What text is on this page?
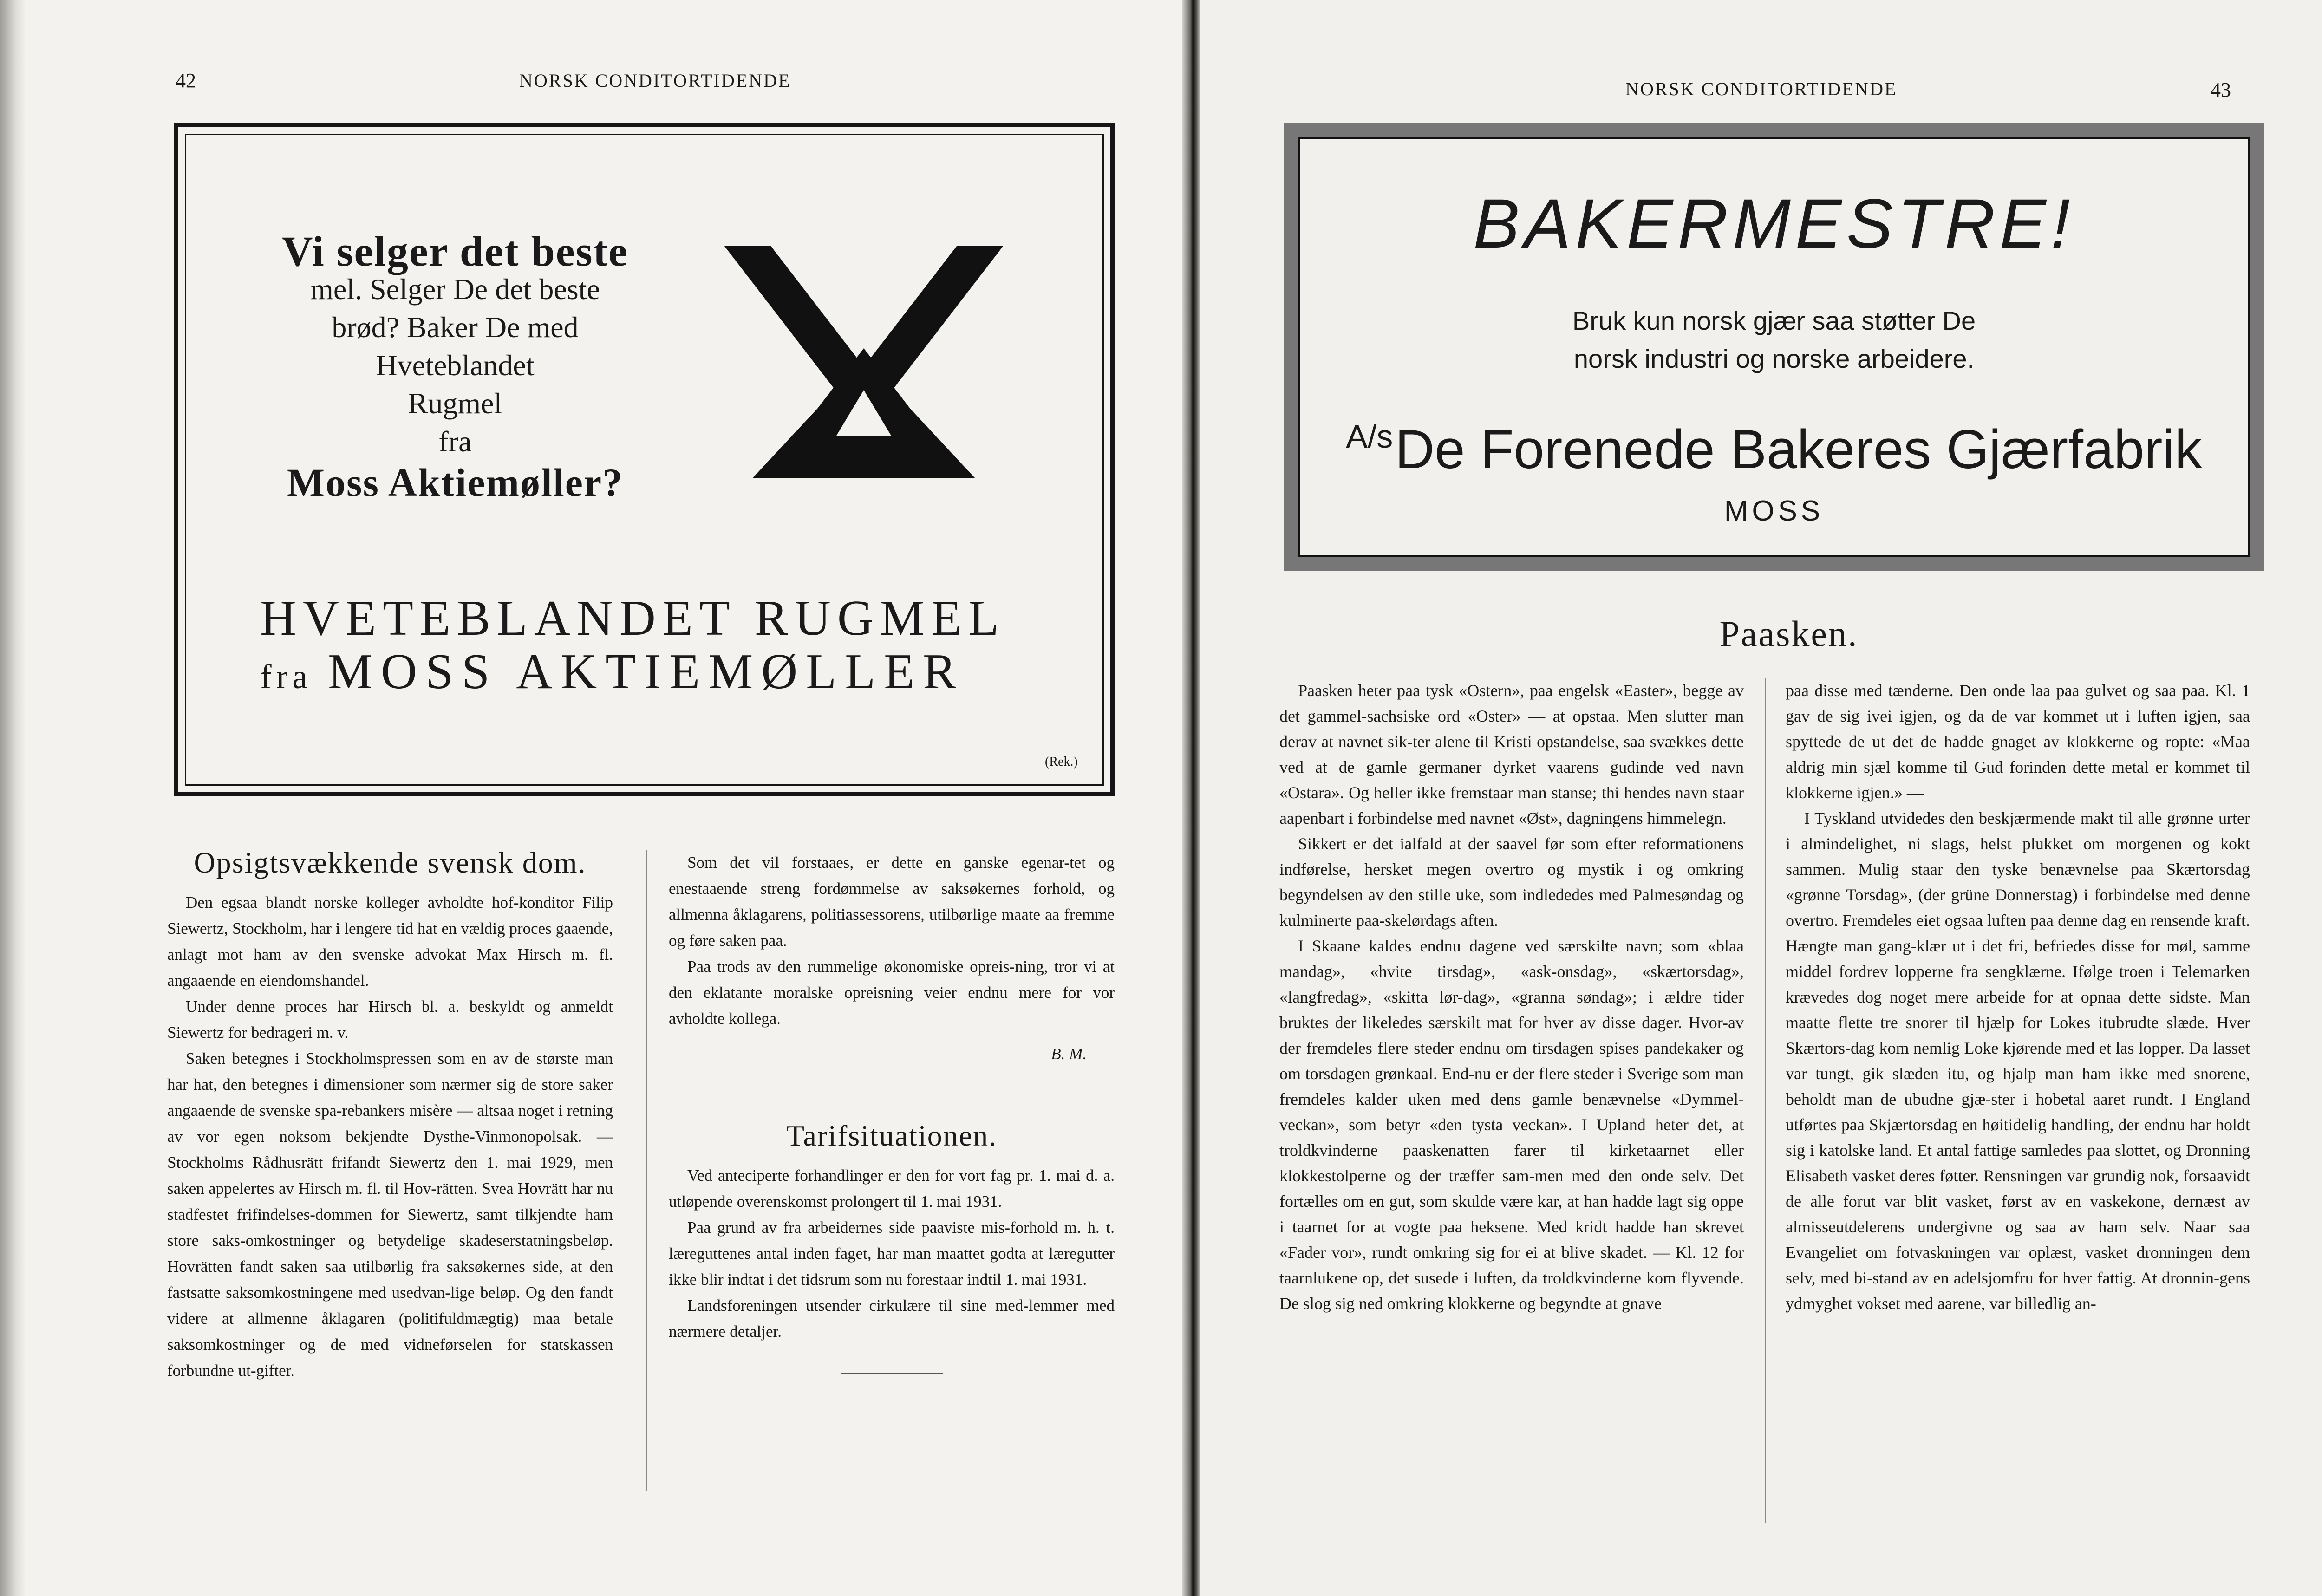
42	NORSK CONDITORTIDENDE
Vi selger det beste
mel. Selger De det beste
brød? Baker De med
Hveteblandet
Rugmel
fra
Moss Aktiemøller?
HVETEBLANDET RUGMEL
fra MOSS AKTIEMØLLER
(Rek.)
Opsigtsvækkende svensk dom.

Den egsaa blandt norske kolleger avholdte hof-konditor Filip Siewertz, Stockholm, har i lengere tid hat en vældig proces gaaende, anlagt mot ham av den svenske advokat Max Hirsch m. fl. angaaende en eiendomshandel.

Under denne proces har Hirsch bl. a. beskyldt og anmeldt Siewertz for bedrageri m. v.

Saken betegnes i Stockholmspressen som en av de største man har hat, den betegnes i dimensioner som nærmer sig de store saker angaaende de svenske spa-rebankers misère — altsaa noget i retning av vor egen noksom bekjendte Dysthe-Vinmonopolsak. — Stockholms Rådhusrätt frifandt Siewertz den 1. mai 1929, men saken appelertes av Hirsch m. fl. til Hov-rätten. Svea Hovrätt har nu stadfestet frifindelses-dommen for Siewertz, samt tilkjendte ham store saks-omkostninger og betydelige skadeserstatningsbeløp. Hovrätten fandt saken saa utilbørlig fra saksøkernes side, at den fastsatte saksomkostningene med usedvan-lige beløp. Og den fandt videre at allmenne åklagaren (politifuldmægtig) maa betale saksomkostninger og de med vidneførselen for statskassen forbundne ut-gifter.

Som det vil forstaaes, er dette en ganske egenar-tet og enestaaende streng fordømmelse av saksøkernes forhold, og allmenna åklagarens, politiassessorens, utilbørlige maate aa fremme og føre saken paa.

Paa trods av den rummelige økonomiske opreis-ning, tror vi at den eklatante moralske opreisning veier endnu mere for vor avholdte kollega.

B. M.
Tarifsituationen.

Ved anteciperte forhandlinger er den for vort fag pr. 1. mai d. a. utløpende overenskomst prolongert til 1. mai 1931.

Paa grund av fra arbeidernes side paaviste mis-forhold m. h. t. læreguttenes antal inden faget, har man maattet godta at læregutter ikke blir indtat i det tidsrum som nu forestaar indtil 1. mai 1931.

Landsforeningen utsender cirkulære til sine med-lemmer med nærmere detaljer.

NORSK CONDITORTIDENDE	43
BAKERMESTRE!
Bruk kun norsk gjær saa støtter De
norsk industri og norske arbeidere.
A/s De Forenede Bakeres Gjærfabrik
MOSS
Paasken.

Paasken heter paa tysk «Ostern», paa engelsk «Easter», begge av det gammel-sachsiske ord «Oster» — at opstaa. Men slutter man derav at navnet sik-ter alene til Kristi opstandelse, saa svækkes dette ved at de gamle germaner dyrket vaarens gudinde ved navn «Ostara». Og heller ikke fremstaar man stanse; thi hendes navn staar aapenbart i forbindelse med navnet «Øst», dagningens himmelegn.

Sikkert er det ialfald at der saavel før som efter reformationens indførelse, hersket megen overtro og mystik i og omkring begyndelsen av den stille uke, som indlededes med Palmesøndag og kulminerte paa-skelørdags aften.

I Skaane kaldes endnu dagene ved særskilte navn; som «blaa mandag», «hvite tirsdag», «ask-onsdag», «skærtorsdag», «langfredag», «skitta lør-dag», «granna søndag»; i ældre tider bruktes der likeledes særskilt mat for hver av disse dager. Hvor-av der fremdeles flere steder endnu om tirsdagen spises pandekaker og om torsdagen grønkaal. End-nu er der flere steder i Sverige som man fremdeles kalder uken med dens gamle benævnelse «Dymmel-veckan», som betyr «den tysta veckan». I Upland heter det, at troldkvinderne paaskenatten farer til kirketaarnet eller klokkestolperne og der træffer sam-men med den onde selv. Det fortælles om en gut, som skulde være kar, at han hadde lagt sig oppe i taarnet for at vogte paa heksene. Med kridt hadde han skrevet «Fader vor», rundt omkring sig for ei at blive skadet. — Kl. 12 for taarnlukene op, det susede i luften, da troldkvinderne kom flyvende. De slog sig ned omkring klokkerne og begyndte at gnave

paa disse med tænderne. Den onde laa paa gulvet og saa paa. Kl. 1 gav de sig ivei igjen, og da de var kommet ut i luften igjen, saa spyttede de ut det de hadde gnaget av klokkerne og ropte: «Maa aldrig min sjæl komme til Gud forinden dette metal er kommet til klokkerne igjen.» —

I Tyskland utvidedes den beskjærmende makt til alle grønne urter i almindelighet, ni slags, helst plukket om morgenen og kokt sammen. Mulig staar den tyske benævnelse paa Skærtorsdag «grønne Torsdag», (der grüne Donnerstag) i forbindelse med denne overtro. Fremdeles eiet ogsaa luften paa denne dag en rensende kraft. Hængte man gang-klær ut i det fri, befriedes disse for møl, samme middel fordrev lopperne fra sengklærne. Ifølge troen i Telemarken krævedes dog noget mere arbeide for at opnaa dette sidste. Man maatte flette tre snorer til hjælp for Lokes itubrudte slæde. Hver Skærtors-dag kom nemlig Loke kjørende med et las lopper. Da lasset var tungt, gik slæden itu, og hjalp man ham ikke med snorene, beholdt man de ubudne gjæ-ster i hobetal aaret rundt. I England utførtes paa Skjærtorsdag en høitidelig handling, der endnu har holdt sig i katolske land. Et antal fattige samledes paa slottet, og Dronning Elisabeth vasket deres føtter. Rensningen var grundig nok, forsaavidt de alle forut var blit vasket, først av en vaskekone, dernæst av almisseutdelerens undergivne og saa av ham selv. Naar saa Evangeliet om fotvaskningen var oplæst, vasket dronningen dem selv, med bi-stand av en adelsjomfru for hver fattig. At dronnin-gens ydmyghet vokset med aarene, var billedlig an-
